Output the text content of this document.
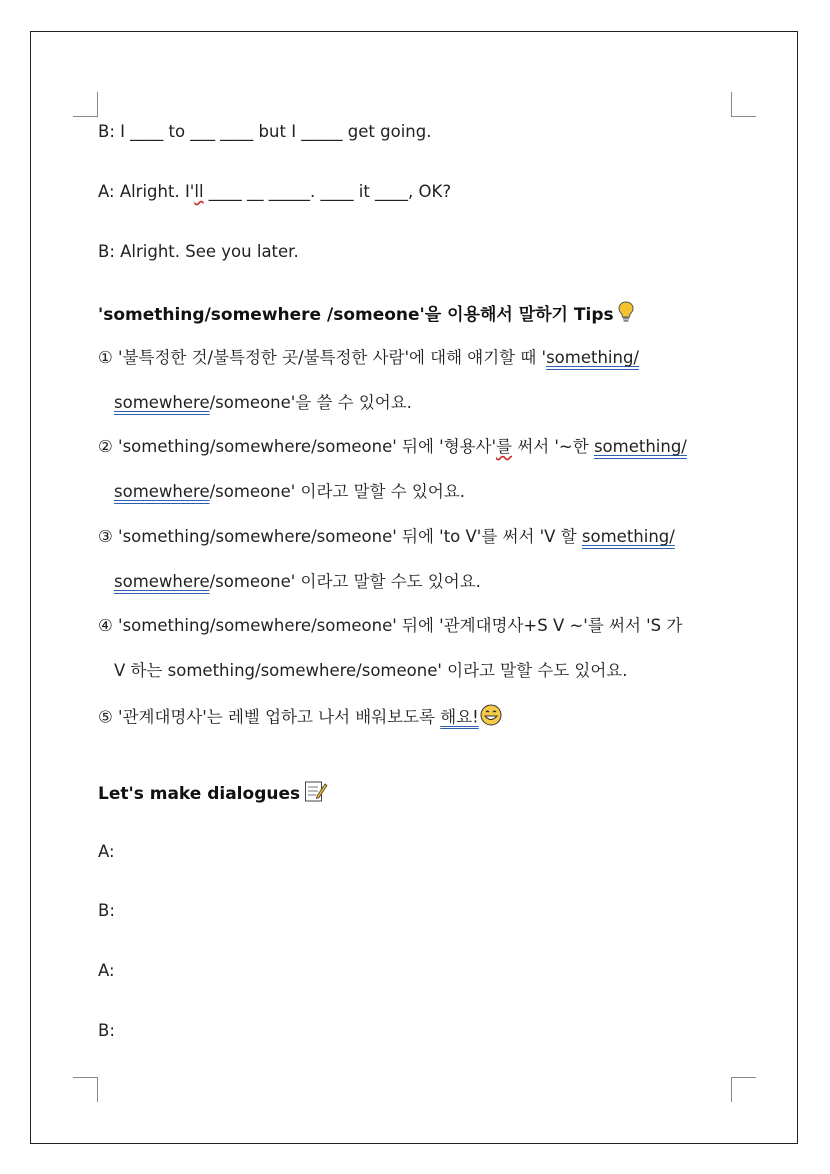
B: I ____ to ___ ____ but I _____ get going.
A: Alright. I'll ____ __ _____. ____ it ____, OK?
B: Alright. See you later.
'something/somewhere /someone'을 이용해서 말하기 Tips
① '불특정한 것/불특정한 곳/불특정한 사람'에 대해 얘기할 때 'something/
somewhere/someone'을 쓸 수 있어요.
② 'something/somewhere/someone' 뒤에 '형용사'를 써서 '~한 something/
somewhere/someone' 이라고 말할 수 있어요.
③ 'something/somewhere/someone' 뒤에 'to V'를 써서 'V 할 something/
somewhere/someone' 이라고 말할 수도 있어요.
④ 'something/somewhere/someone' 뒤에 '관계대명사+S V ~'를 써서 'S 가
V 하는 something/somewhere/someone' 이라고 말할 수도 있어요.
⑤ '관계대명사'는 레벨 업하고 나서 배워보도록 해요!
Let's make dialogues
A:
B:
A:
B:
